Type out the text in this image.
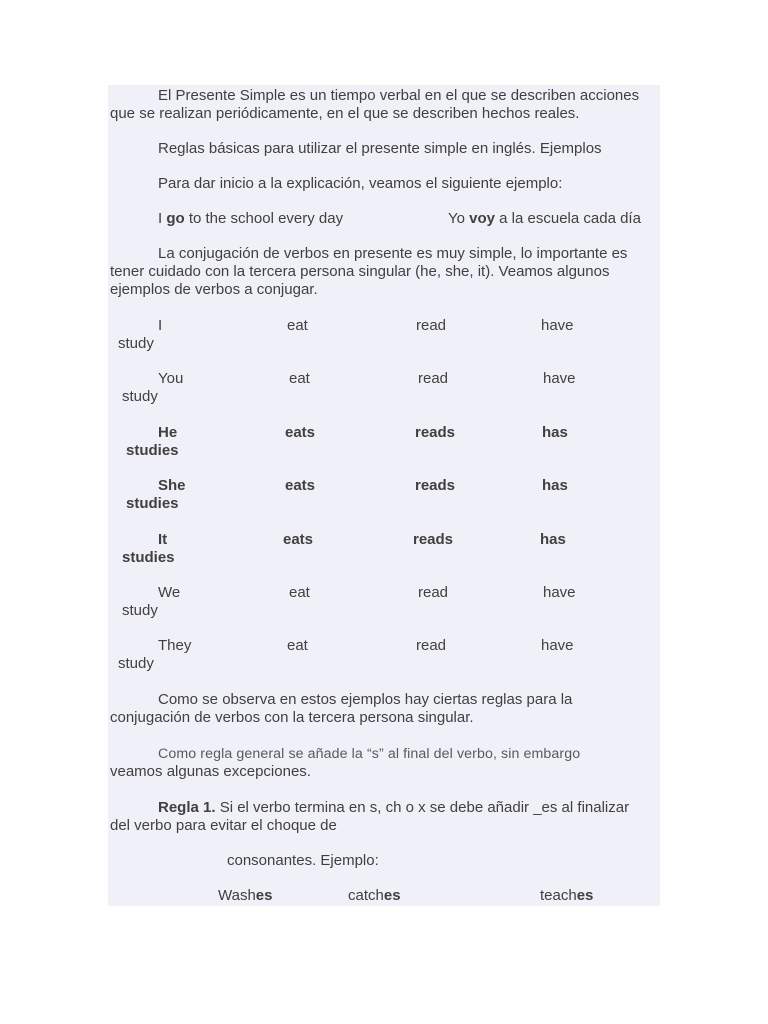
El Presente Simple es un tiempo verbal en el que se describen acciones
que se realizan periódicamente, en el que se describen hechos reales.
Reglas básicas para utilizar el presente simple en inglés. Ejemplos
Para dar inicio a la explicación, veamos el siguiente ejemplo:
I go to the school every day	Yo voy a la escuela cada día
La conjugación de verbos en presente es muy simple, lo importante es
tener cuidado con la tercera persona singular (he, she, it). Veamos algunos
ejemplos de verbos a conjugar.
I	eat	read	have
study
You	eat	read	have
study
He	eats	reads	has
studies
She	eats	reads	has
studies
It	eats	reads	has
studies
We	eat	read	have
study
They	eat	read	have
study
Como se observa en estos ejemplos hay ciertas reglas para la
conjugación de verbos con la tercera persona singular.
Como regla general se añade la “s” al final del verbo, sin embargo
veamos algunas excepciones.
Regla 1. Si el verbo termina en s, ch o x se debe añadir _es al finalizar
del verbo para evitar el choque de
consonantes. Ejemplo:
Washes	catches	teaches
